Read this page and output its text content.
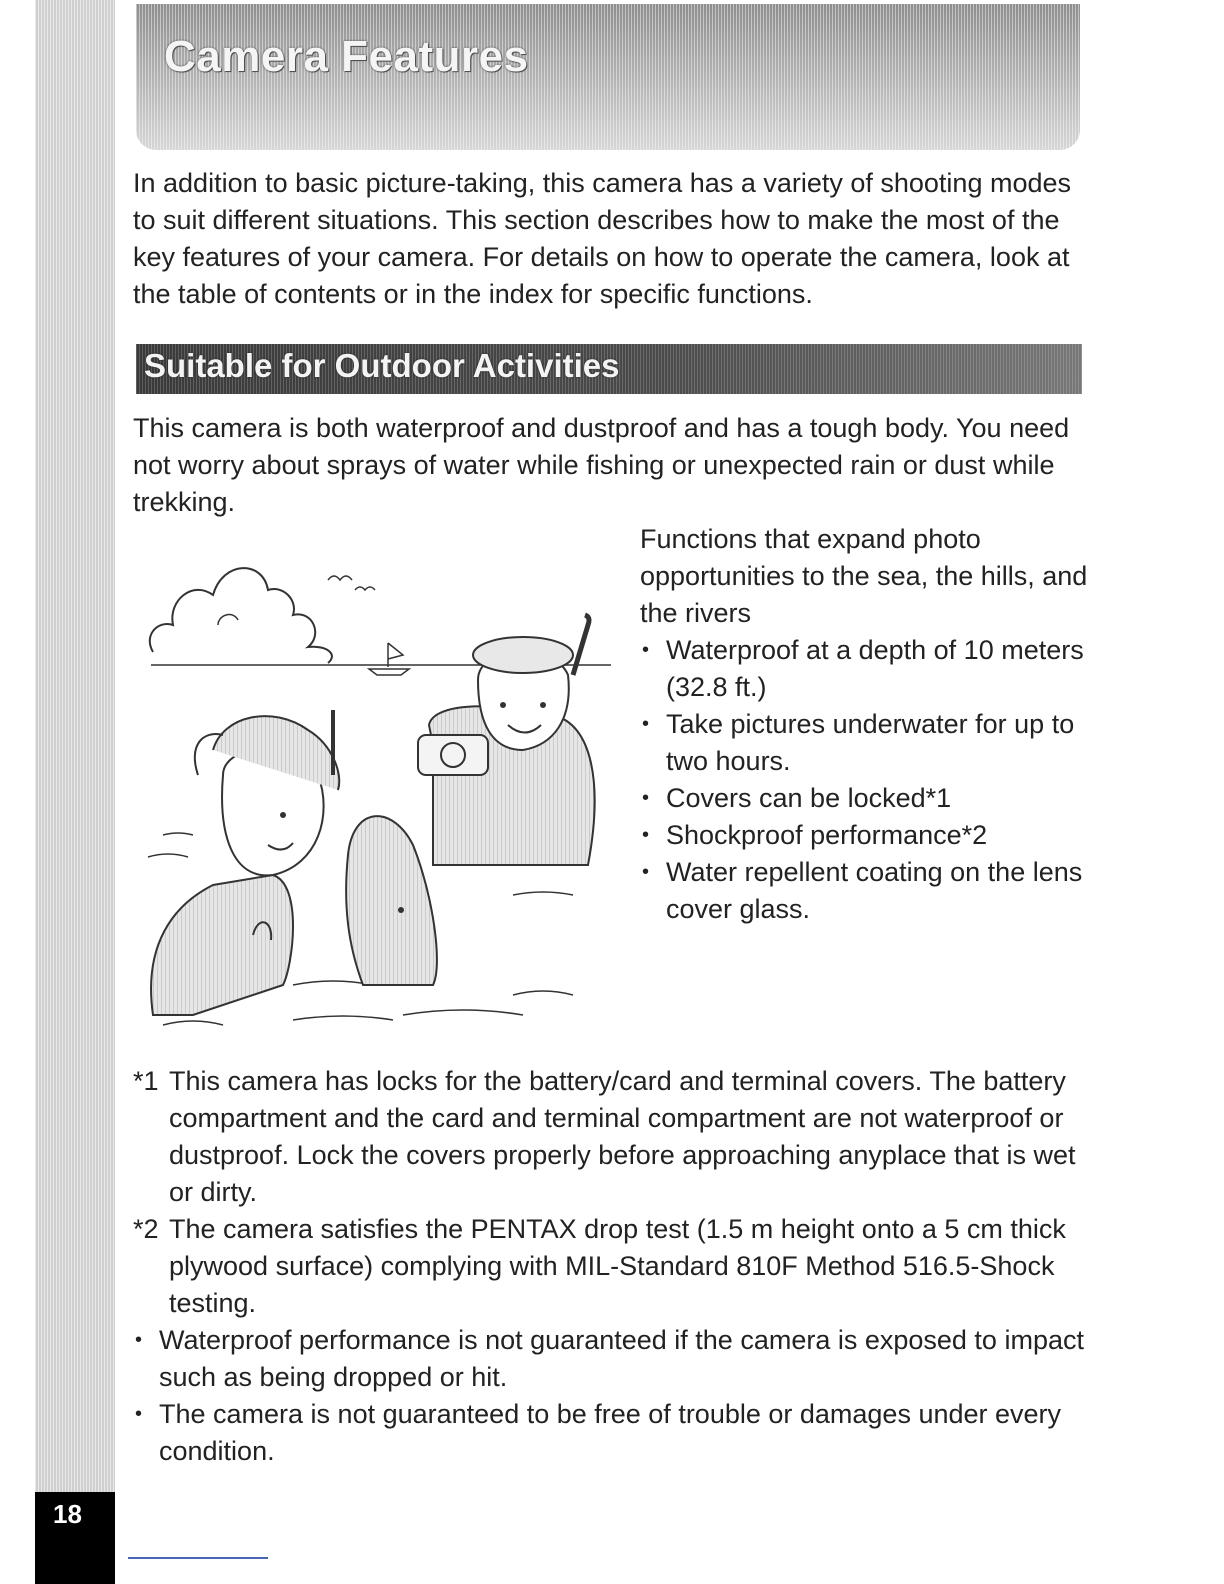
18
Camera Features

In addition to basic picture-taking, this camera has a variety of shooting modes to suit different situations. This section describes how to make the most of the key features of your camera. For details on how to operate the camera, look at the table of contents or in the index for specific functions.

Suitable for Outdoor Activities

This camera is both waterproof and dustproof and has a tough body. You need not worry about sprays of water while fishing or unexpected rain or dust while trekking.

Functions that expand photo opportunities to the sea, the hills, and the rivers

• Waterproof at a depth of 10 meters (32.8 ft.)
• Take pictures underwater for up to two hours.
• Covers can be locked*1
• Shockproof performance*2
• Water repellent coating on the lens cover glass.

*1 This camera has locks for the battery/card and terminal covers. The battery compartment and the card and terminal compartment are not waterproof or dustproof. Lock the covers properly before approaching anyplace that is wet or dirty.

*2 The camera satisfies the PENTAX drop test (1.5 m height onto a 5 cm thick plywood surface) complying with MIL-Standard 810F Method 516.5-Shock testing.

• Waterproof performance is not guaranteed if the camera is exposed to impact such as being dropped or hit.

• The camera is not guaranteed to be free of trouble or damages under every condition.
